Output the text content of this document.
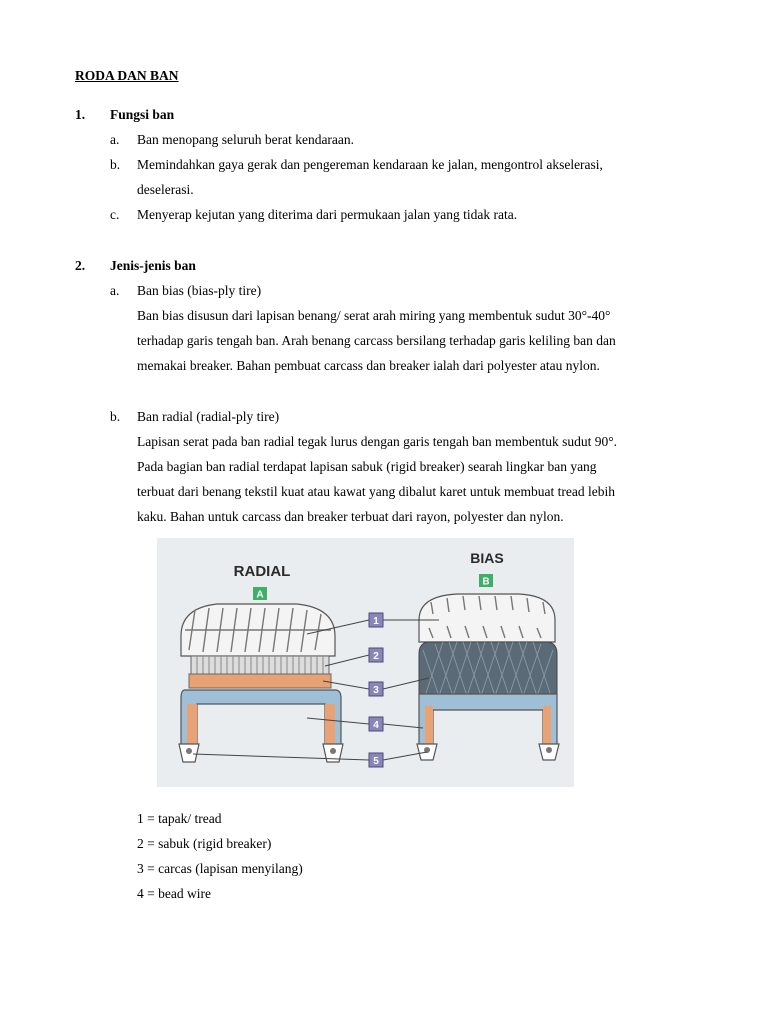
RODA DAN BAN
1. Fungsi ban
a. Ban menopang seluruh berat kendaraan.
b. Memindahkan gaya gerak dan pengereman kendaraan ke jalan, mengontrol akselerasi,
deselerasi.
c. Menyerap kejutan yang diterima dari permukaan jalan yang tidak rata.
2. Jenis-jenis ban
a. Ban bias (bias-ply tire)
Ban bias disusun dari lapisan benang/ serat arah miring yang membentuk sudut 30°-40°
terhadap garis tengah ban. Arah benang carcass bersilang terhadap garis keliling ban dan
memakai breaker. Bahan pembuat carcass dan breaker ialah dari polyester atau nylon.
b. Ban radial (radial-ply tire)
Lapisan serat pada ban radial tegak lurus dengan garis tengah ban membentuk sudut 90°.
Pada bagian ban radial terdapat lapisan sabuk (rigid breaker) searah lingkar ban yang
terbuat dari benang tekstil kuat atau kawat yang dibalut karet untuk membuat tread lebih
kaku. Bahan untuk carcass dan breaker terbuat dari rayon, polyester dan nylon.
RADIAL
A
BIAS
B
1
2
3
4
5
1 = tapak/ tread
2 = sabuk (rigid breaker)
3 = carcas (lapisan menyilang)
4 = bead wire
